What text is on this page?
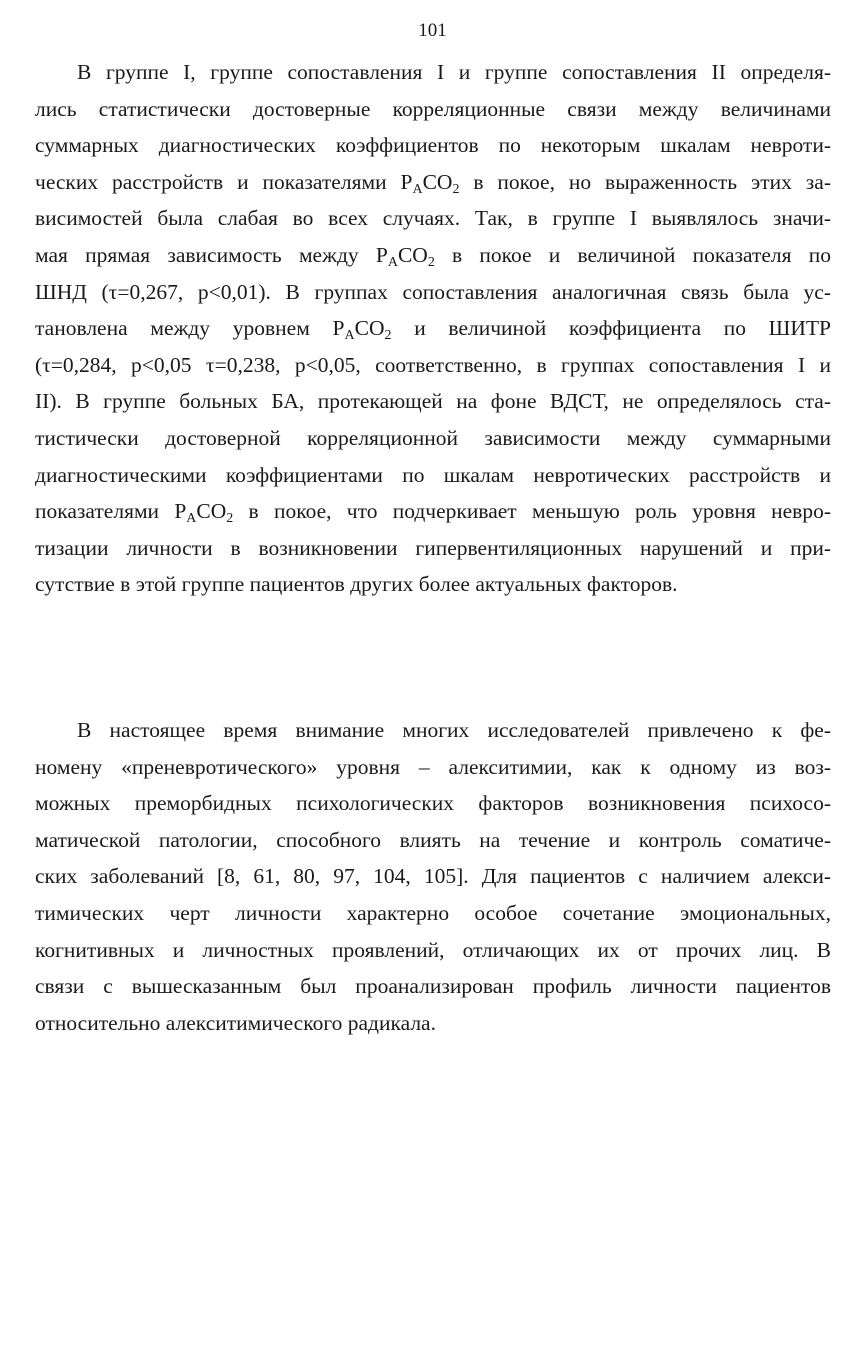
101
В группе I, группе сопоставления I и группе сопоставления II определя-
лись статистически достоверные корреляционные связи между величинами
суммарных диагностических коэффициентов по некоторым шкалам невроти-
ческих расстройств и показателями $P_ACO_2$ в покое, но выраженность этих за-
висимостей была слабая во всех случаях. Так, в группе I выявлялось значи-
мая прямая зависимость между $P_ACO_2$ в покое и величиной показателя по
ШНД (τ=0,267, p<0,01). В группах сопоставления аналогичная связь была ус-
тановлена между уровнем $P_ACO_2$ и величиной коэффициента по ШИТР
(τ=0,284, p<0,05 τ=0,238, p<0,05, соответственно, в группах сопоставления I и
II). В группе больных БА, протекающей на фоне ВДСТ, не определялось ста-
тистически достоверной корреляционной зависимости между суммарными
диагностическими коэффициентами по шкалам невротических расстройств и
показателями $P_ACO_2$ в покое, что подчеркивает меньшую роль уровня невро-
тизации личности в возникновении гипервентиляционных нарушений и при-
сутствие в этой группе пациентов других более актуальных факторов.
В настоящее время внимание многих исследователей привлечено к фе-
номену «преневротического» уровня – алекситимии, как к одному из воз-
можных преморбидных психологических факторов возникновения психосо-
матической патологии, способного влиять на течение и контроль соматиче-
ских заболеваний [8, 61, 80, 97, 104, 105]. Для пациентов с наличием алекси-
тимических черт личности характерно особое сочетание эмоциональных,
когнитивных и личностных проявлений, отличающих их от прочих лиц. В
связи с вышесказанным был проанализирован профиль личности пациентов
относительно алекситимического радикала.
